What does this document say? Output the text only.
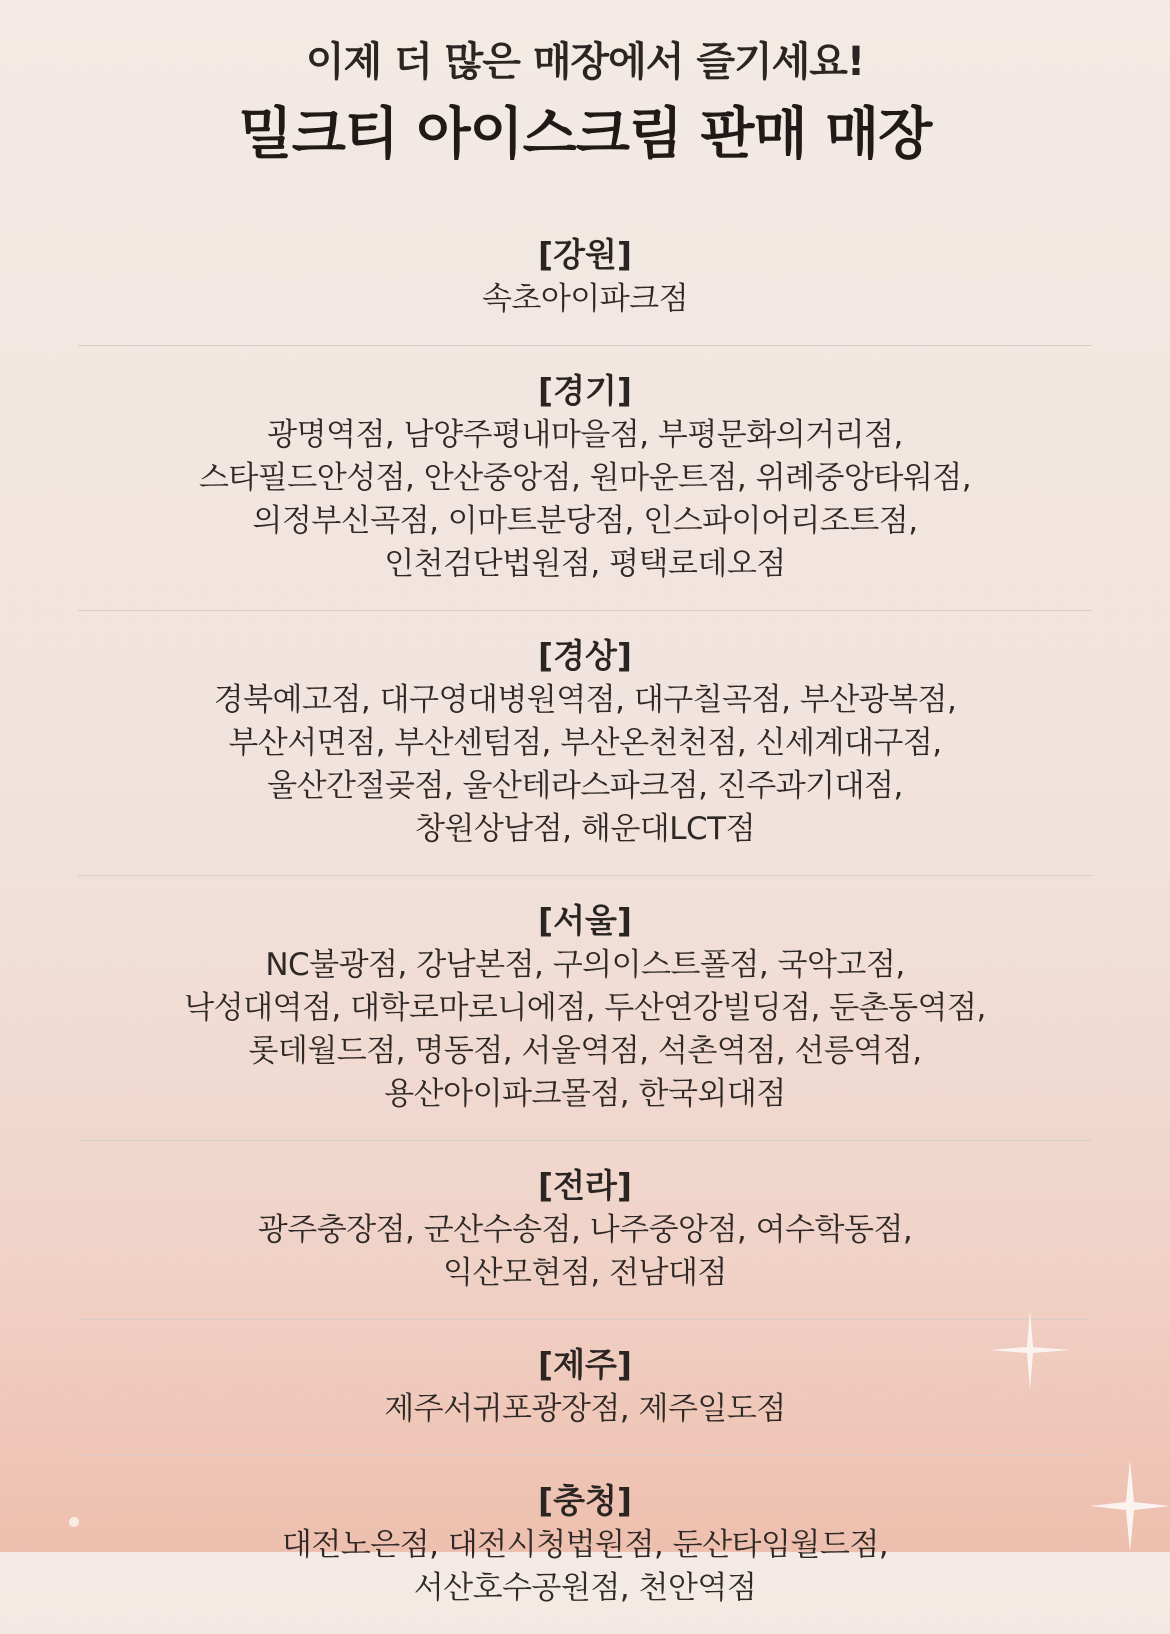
이제 더 많은 매장에서 즐기세요!
밀크티 아이스크림 판매 매장
[강원]
속초아이파크점
[경기]
광명역점, 남양주평내마을점, 부평문화의거리점,
스타필드안성점, 안산중앙점, 원마운트점, 위례중앙타워점,
의정부신곡점, 이마트분당점, 인스파이어리조트점,
인천검단법원점, 평택로데오점
[경상]
경북예고점, 대구영대병원역점, 대구칠곡점, 부산광복점,
부산서면점, 부산센텀점, 부산온천천점, 신세계대구점,
울산간절곶점, 울산테라스파크점, 진주과기대점,
창원상남점, 해운대LCT점
[서울]
NC불광점, 강남본점, 구의이스트폴점, 국악고점,
낙성대역점, 대학로마로니에점, 두산연강빌딩점, 둔촌동역점,
롯데월드점, 명동점, 서울역점, 석촌역점, 선릉역점,
용산아이파크몰점, 한국외대점
[전라]
광주충장점, 군산수송점, 나주중앙점, 여수학동점,
익산모현점, 전남대점
[제주]
제주서귀포광장점, 제주일도점
[충청]
대전노은점, 대전시청법원점, 둔산타임월드점,
서산호수공원점, 천안역점
